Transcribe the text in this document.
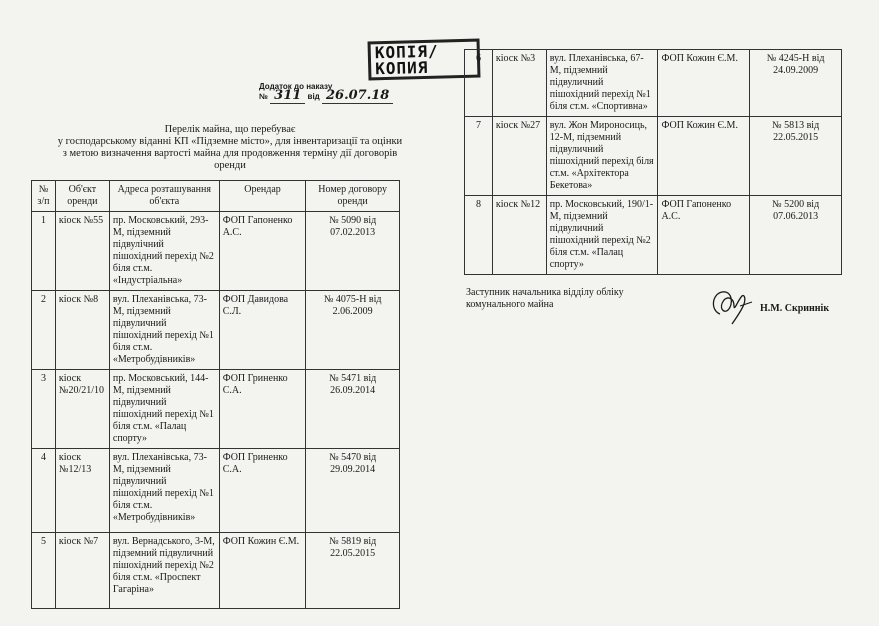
КОПІЯ/
КОПИЯ
Додаток до наказу
№ 311 від 26.07.18
Перелік майна, що перебуває
у господарському віданні КП «Підземне місто», для інвентаризації та оцінки
з метою визначення вартості майна для продовження терміну дії договорів
оренди
№ з/п	Об'єкт оренди	Адреса розташування об'єкта	Орендар	Номер договору оренди
1	кіоск №55	пр. Московський, 293-М, підземний підвулічний пішохідний перехід №2 біля ст.м. «Індустріальна»	ФОП Гапоненко А.С.	№ 5090 від 07.02.2013
2	кіоск №8	вул. Плеханівська, 73-М, підземний підвуличний пішохідний перехід №1 біля ст.м. «Метробудівників»	ФОП Давидова С.Л.	№ 4075-Н від 2.06.2009
3	кіоск №20/21/10	пр. Московський, 144-М, підземний підвуличний пішохідний перехід №1 біля ст.м. «Палац спорту»	ФОП Гриненко С.А.	№ 5471 від 26.09.2014
4	кіоск №12/13	вул. Плеханівська, 73-М, підземний підвуличний пішохідний перехід №1 біля ст.м. «Метробудівників»	ФОП Гриненко С.А.	№ 5470 від 29.09.2014
5	кіоск №7	вул. Вернадського, 3-М, підземний підвуличний пішохідний перехід №2 біля ст.м. «Проспект Гагаріна»	ФОП Кожин Є.М.	№ 5819 від 22.05.2015
6	кіоск №3	вул. Плеханівська, 67-М, підземний підвуличний пішохідний перехід №1 біля ст.м. «Спортивна»	ФОП Кожин Є.М.	№ 4245-Н від 24.09.2009
7	кіоск №27	вул. Жон Мироносиць, 12-М, підземний підвуличний пішохідний перехід біля ст.м. «Архітектора Бекетова»	ФОП Кожин Є.М.	№ 5813 від 22.05.2015
8	кіоск №12	пр. Московський, 190/1-М, підземний підвуличний пішохідний перехід №2 біля ст.м. «Палац спорту»	ФОП Гапоненко А.С.	№ 5200 від 07.06.2013
Заступник начальника відділу обліку
комунального майна	Н.М. Скриннік
